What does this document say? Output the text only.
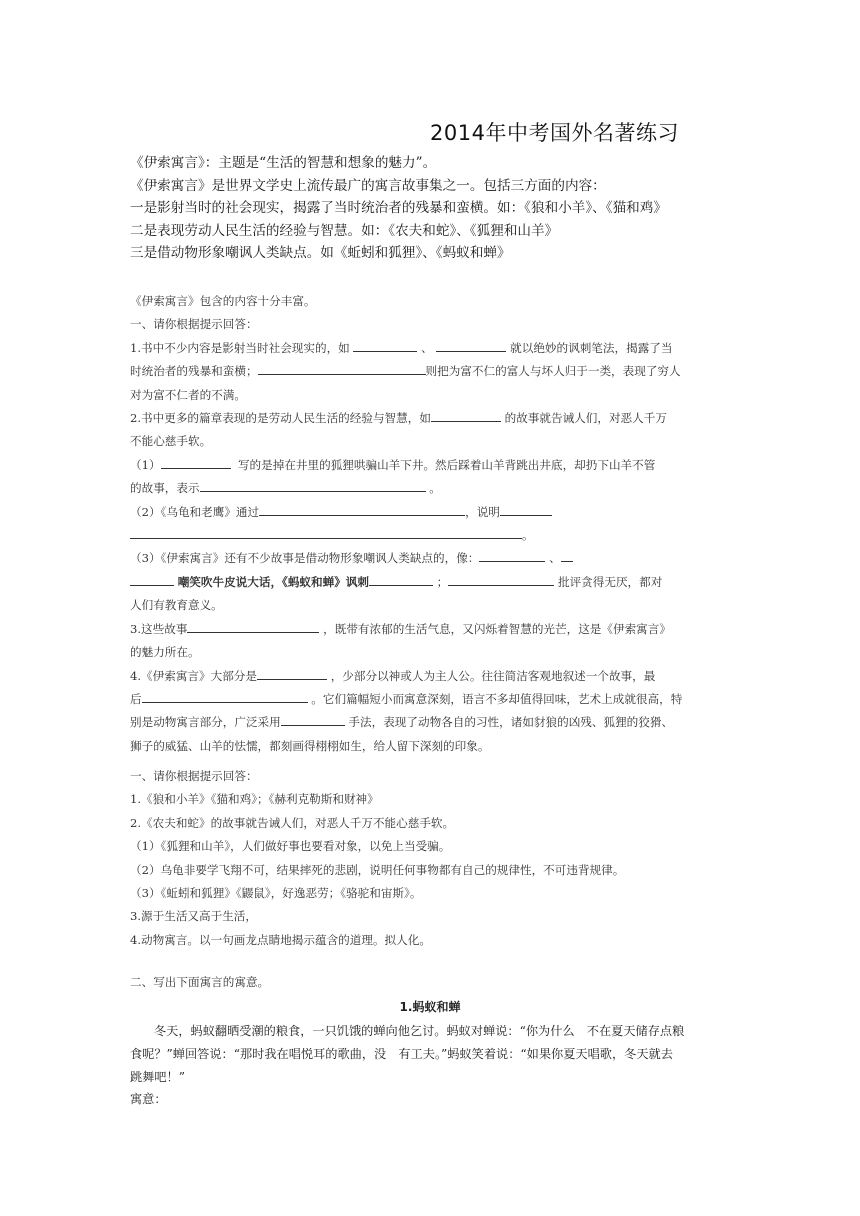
2014年中考国外名著练习
《伊索寓言》：主题是“生活的智慧和想象的魅力”。
《伊索寓言》是世界文学史上流传最广的寓言故事集之一。包括三方面的内容：
一是影射当时的社会现实，揭露了当时统治者的残暴和蛮横。如：《狼和小羊》、《猫和鸡》
二是表现劳动人民生活的经验与智慧。如：《农夫和蛇》、《狐狸和山羊》
三是借动物形象嘲讽人类缺点。如《蚯蚓和狐狸》、《蚂蚁和蝉》
《伊索寓言》包含的内容十分丰富。
一、请你根据提示回答：
1.书中不少内容是影射当时社会现实的，如	、	就以绝妙的讽刺笔法，揭露了当
时统治者的残暴和蛮横；	则把为富不仁的富人与坏人归于一类，表现了穷人
对为富不仁者的不满。
2.书中更多的篇章表现的是劳动人民生活的经验与智慧，如	的故事就告诫人们，对恶人千万
不能心慈手软。
（1）	写的是掉在井里的狐狸哄骗山羊下井。然后踩着山羊背跳出井底，却扔下山羊不管
的故事，表示	。
（2）《乌龟和老鹰》通过	，说明
。
（3）《伊索寓言》还有不少故事是借动物形象嘲讽人类缺点的，像：	、
嘲笑吹牛皮说大话，《蚂蚁和蝉》讽刺	；	批评贪得无厌，都对
人们有教育意义。
3.这些故事	，既带有浓郁的生活气息，又闪烁着智慧的光芒，这是《伊索寓言》
的魅力所在。
4.《伊索寓言》大部分是	，少部分以神或人为主人公。往往简洁客观地叙述一个故事，最
后	。它们篇幅短小而寓意深刻，语言不多却值得回味，艺术上成就很高，特
别是动物寓言部分，广泛采用	手法，表现了动物各自的习性，诸如豺狼的凶残、狐狸的狡猾、
狮子的威猛、山羊的怯懦，都刻画得栩栩如生，给人留下深刻的印象。
一、请你根据提示回答：
1.《狼和小羊》《猫和鸡》；《赫利克勒斯和财神》
2.《农夫和蛇》的故事就告诫人们，对恶人千万不能心慈手软。
（1）《狐狸和山羊》，人们做好事也要看对象，以免上当受骗。
（2）乌龟非要学飞翔不可，结果摔死的悲剧，说明任何事物都有自己的规律性，不可违背规律。
（3）《蚯蚓和狐狸》《鼹鼠》，好逸恶劳；《骆驼和宙斯》。
3.源于生活又高于生活，
4.动物寓言。以一句画龙点睛地揭示蕴含的道理。拟人化。
二、写出下面寓言的寓意。
1.蚂蚁和蝉
冬天，蚂蚁翻晒受潮的粮食，一只饥饿的蝉向他乞讨。蚂蚁对蝉说：“你为什么　不在夏天储存点粮
食呢？”蝉回答说：“那时我在唱悦耳的歌曲，没　有工夫。”蚂蚁笑着说：“如果你夏天唱歌，冬天就去
跳舞吧！”
寓意：
